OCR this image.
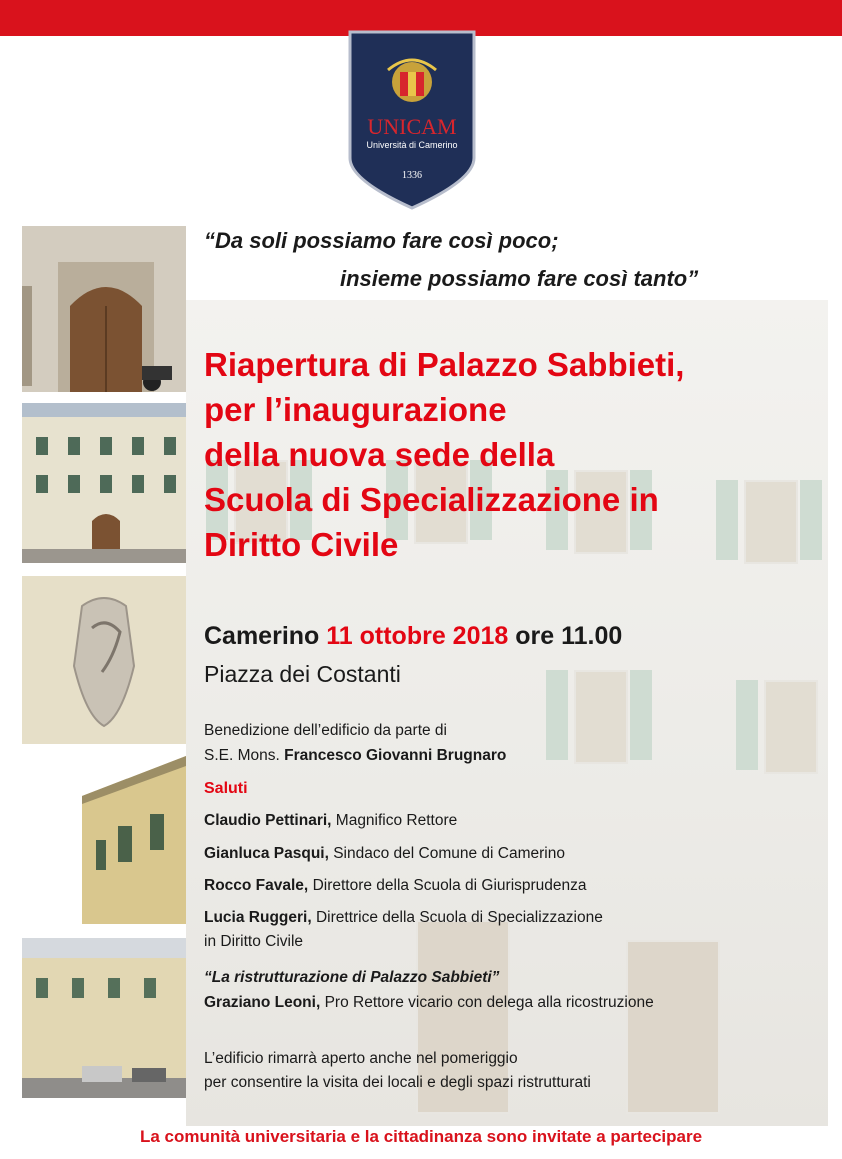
UNICAM
Università di Camerino
1336
“Da soli possiamo fare così poco;
insieme possiamo fare così tanto”
Riapertura di Palazzo Sabbieti,
per l’inaugurazione
della nuova sede della
Scuola di Specializzazione in
Diritto Civile
Camerino 11 ottobre 2018 ore 11.00
Piazza dei Costanti
Benedizione dell’edificio da parte di
S.E. Mons. Francesco Giovanni Brugnaro
Saluti
Claudio Pettinari, Magnifico Rettore
Gianluca Pasqui, Sindaco del Comune di Camerino
Rocco Favale, Direttore della Scuola di Giurisprudenza
Lucia Ruggeri, Direttrice della Scuola di Specializzazione
in Diritto Civile
“La ristrutturazione di Palazzo Sabbieti”
Graziano Leoni, Pro Rettore vicario con delega alla ricostruzione
L’edificio rimarrà aperto anche nel pomeriggio
per consentire la visita dei locali e degli spazi ristrutturati
La comunità universitaria e la cittadinanza sono invitate a partecipare
